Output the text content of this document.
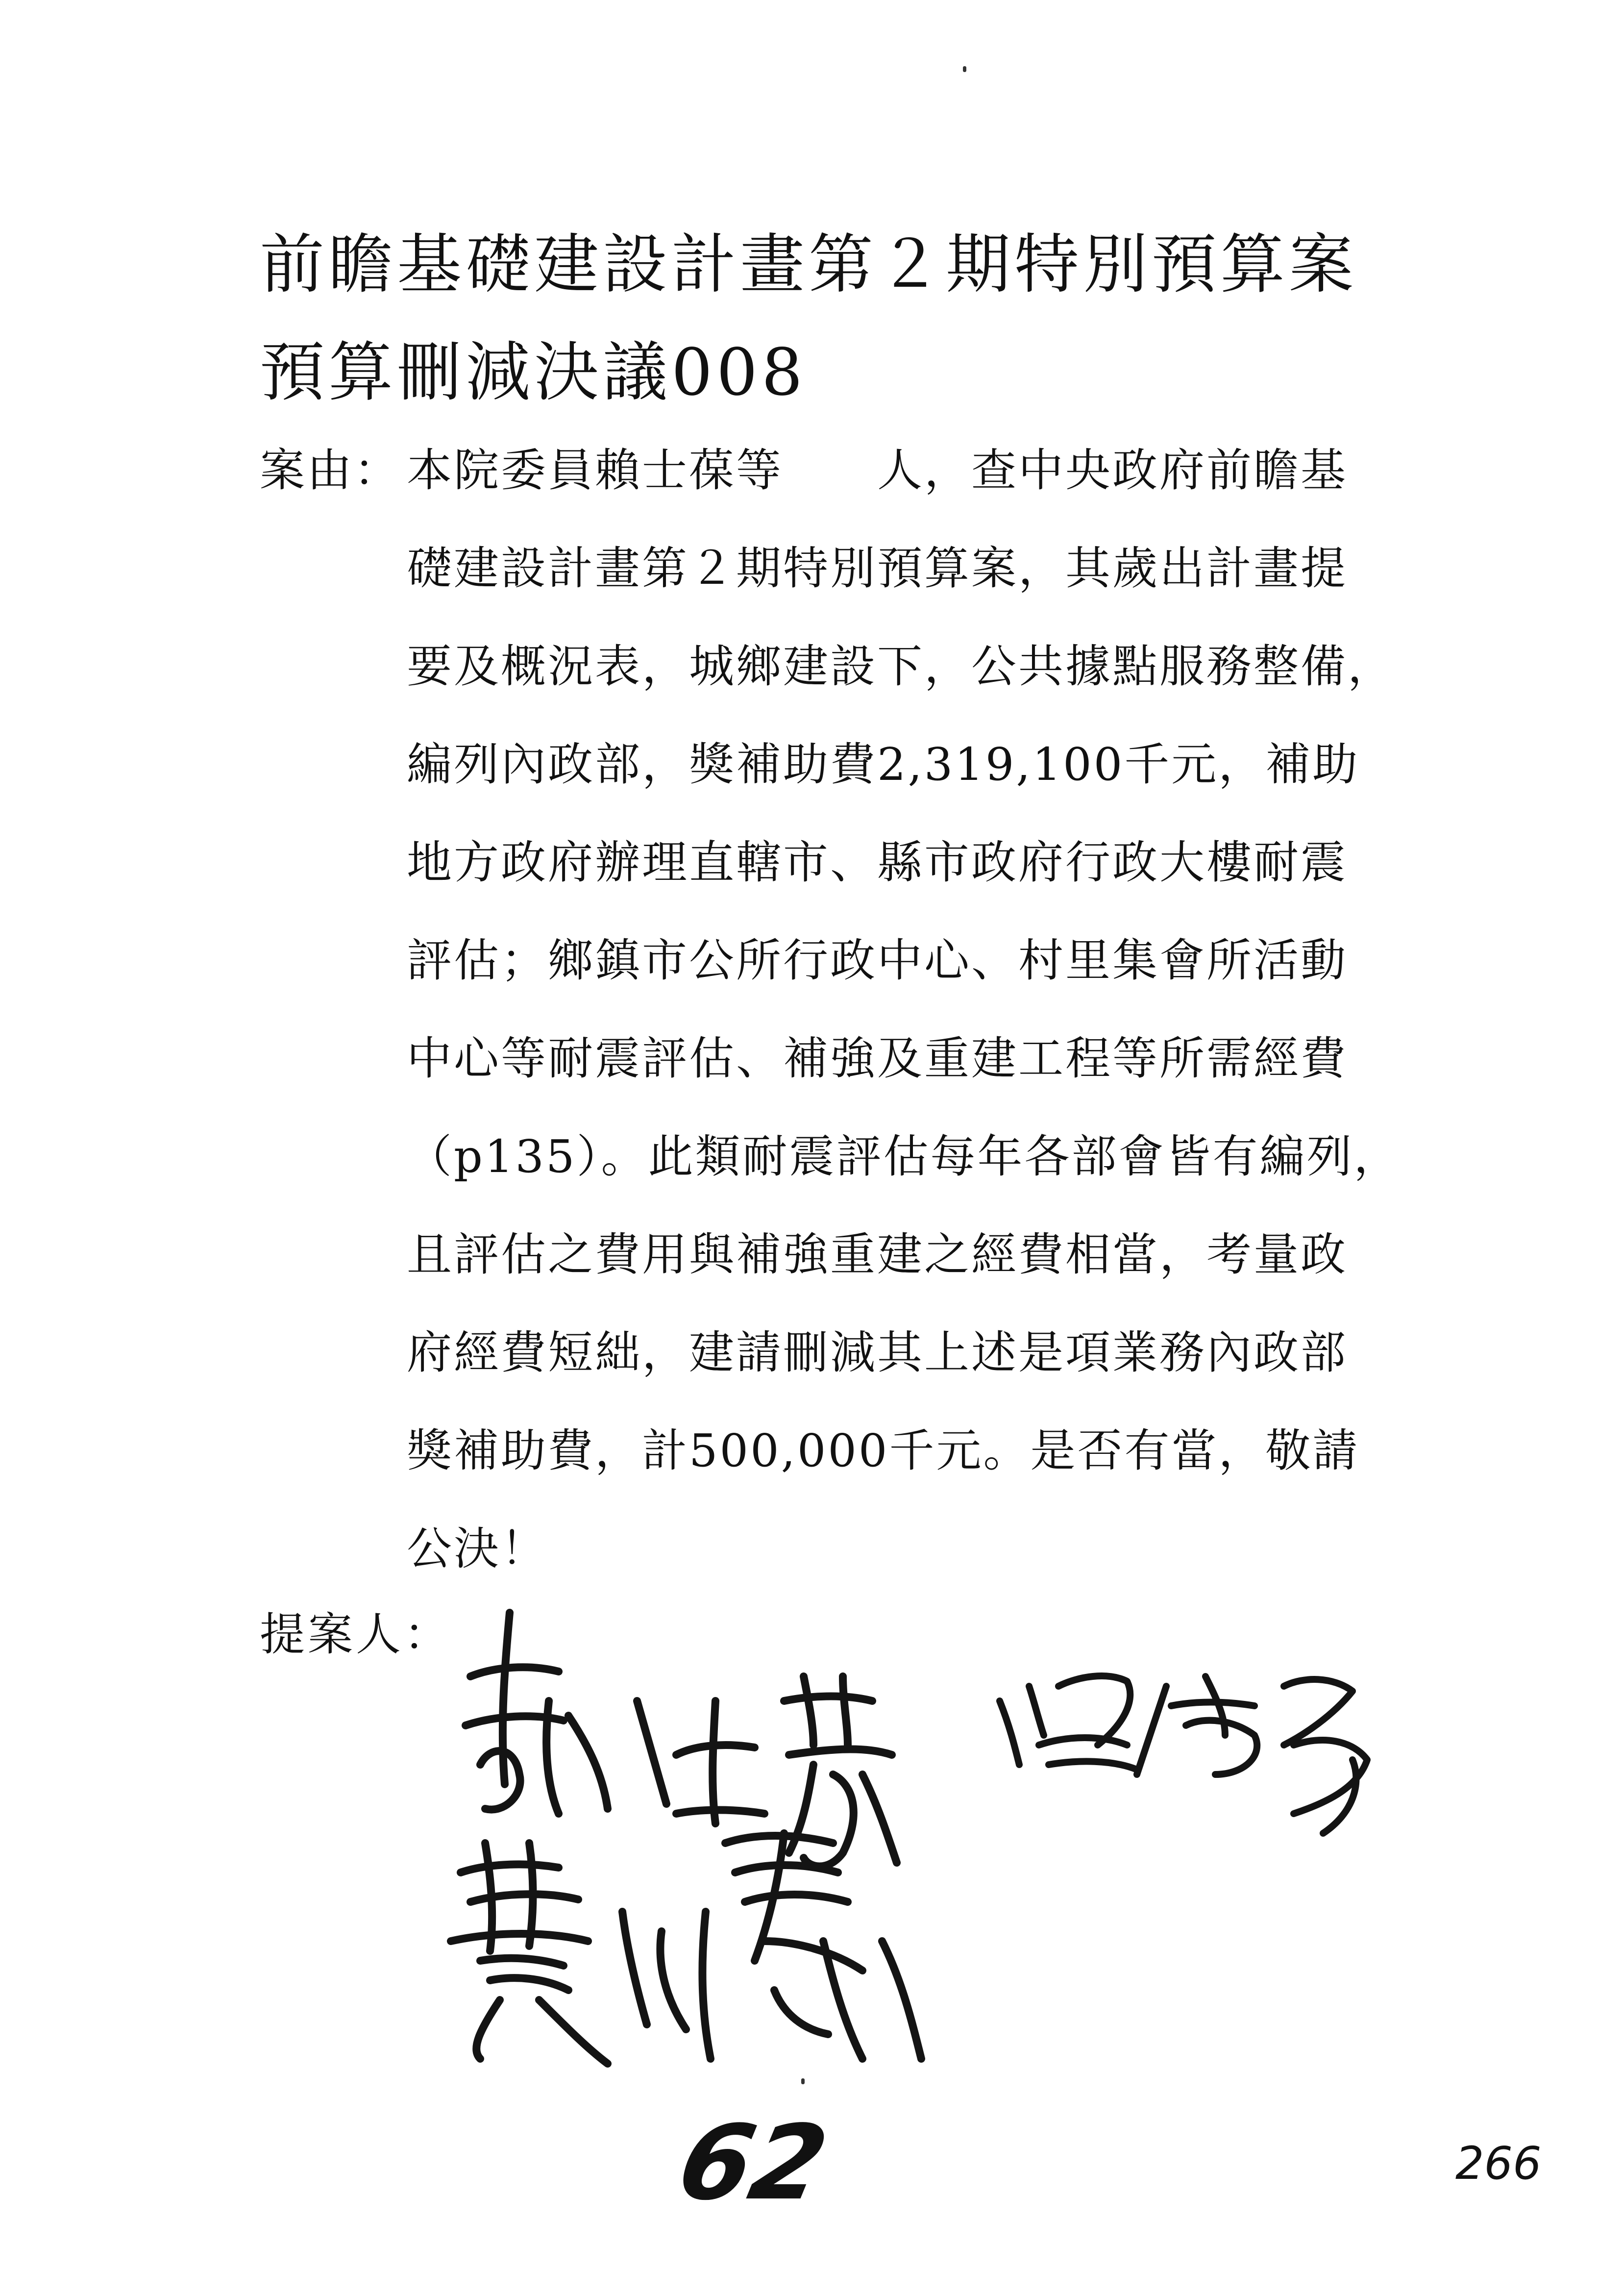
前瞻基礎建設計畫第２期特別預算案
預算刪減決議008
案由： 本院委員賴士葆等　　人，查中央政府前瞻基
礎建設計畫第２期特別預算案，其歲出計畫提
要及概況表，城鄉建設下，公共據點服務整備，
編列內政部，獎補助費2,319,100千元，補助
地方政府辦理直轄市、縣市政府行政大樓耐震
評估；鄉鎮市公所行政中心、村里集會所活動
中心等耐震評估、補強及重建工程等所需經費
（p135）。此類耐震評估每年各部會皆有編列，
且評估之費用與補強重建之經費相當，考量政
府經費短絀，建請刪減其上述是項業務內政部
獎補助費，計500,000千元。是否有當，敬請
公決！
提案人：
62	266
